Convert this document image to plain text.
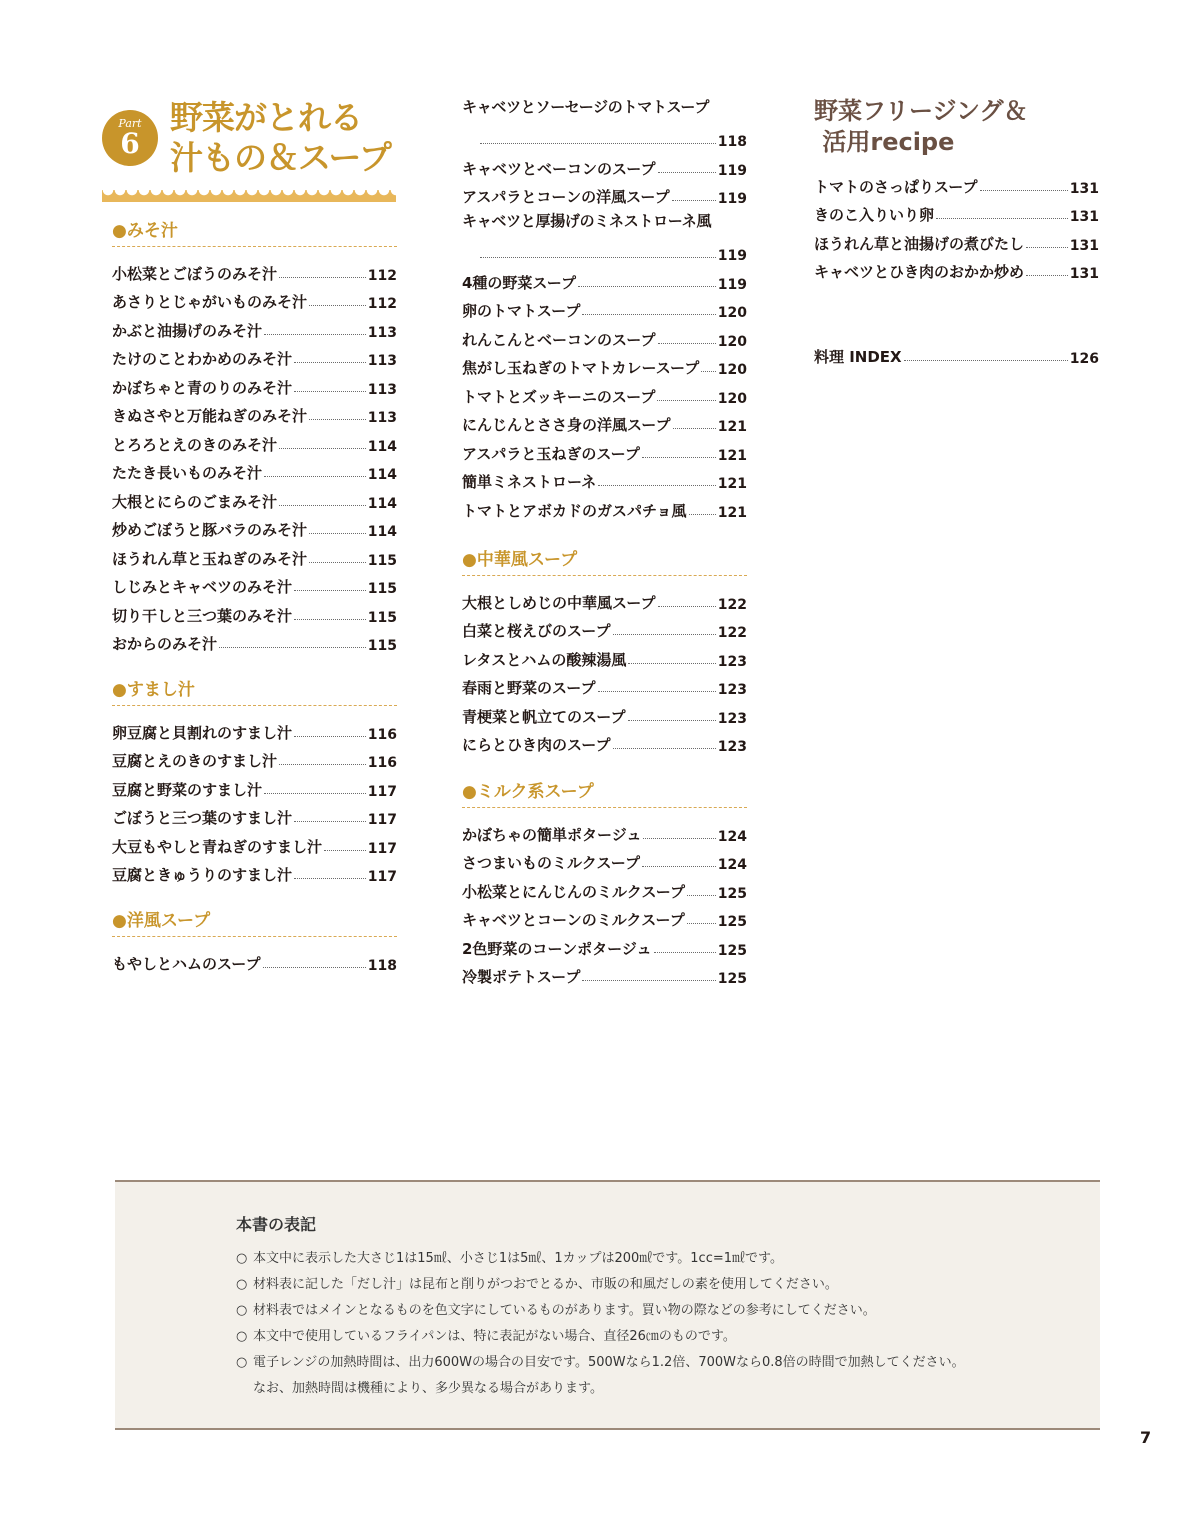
Part
6
野菜がとれる
汁もの＆スープ
●みそ汁
小松菜とごぼうのみそ汁	112
あさりとじゃがいものみそ汁	112
かぶと油揚げのみそ汁	113
たけのことわかめのみそ汁	113
かぼちゃと青のりのみそ汁	113
きぬさやと万能ねぎのみそ汁	113
とろろとえのきのみそ汁	114
たたき長いものみそ汁	114
大根とにらのごまみそ汁	114
炒めごぼうと豚バラのみそ汁	114
ほうれん草と玉ねぎのみそ汁	115
しじみとキャベツのみそ汁	115
切り干しと三つ葉のみそ汁	115
おからのみそ汁	115
●すまし汁
卵豆腐と貝割れのすまし汁	116
豆腐とえのきのすまし汁	116
豆腐と野菜のすまし汁	117
ごぼうと三つ葉のすまし汁	117
大豆もやしと青ねぎのすまし汁	117
豆腐ときゅうりのすまし汁	117
●洋風スープ
もやしとハムのスープ	118
キャベツとソーセージのトマトスープ
118
キャベツとベーコンのスープ	119
アスパラとコーンの洋風スープ	119
キャベツと厚揚げのミネストローネ風
119
4種の野菜スープ	119
卵のトマトスープ	120
れんこんとベーコンのスープ	120
焦がし玉ねぎのトマトカレースープ 120
トマトとズッキーニのスープ	120
にんじんとささ身の洋風スープ	121
アスパラと玉ねぎのスープ	121
簡単ミネストローネ	121
トマトとアボカドのガスパチョ風 121
●中華風スープ
大根としめじの中華風スープ	122
白菜と桜えびのスープ	122
レタスとハムの酸辣湯風	123
春雨と野菜のスープ	123
青梗菜と帆立てのスープ	123
にらとひき肉のスープ	123
●ミルク系スープ
かぼちゃの簡単ポタージュ	124
さつまいものミルクスープ	124
小松菜とにんじんのミルクスープ 125
キャベツとコーンのミルクスープ 125
2色野菜のコーンポタージュ	125
冷製ポテトスープ	125
野菜フリージング＆
活用recipe
トマトのさっぱりスープ	131
きのこ入りいり卵	131
ほうれん草と油揚げの煮びたし	131
キャベツとひき肉のおかか炒め	131
料理 INDEX	126
本書の表記
○ 本文中に表示した大さじ1は15㎖、小さじ1は5㎖、1カップは200㎖です。1cc=1㎖です。
○ 材料表に記した「だし汁」は昆布と削りがつおでとるか、市販の和風だしの素を使用してください。
○ 材料表ではメインとなるものを色文字にしているものがあります。買い物の際などの参考にしてください。
○ 本文中で使用しているフライパンは、特に表記がない場合、直径26㎝のものです。
○ 電子レンジの加熱時間は、出力600Wの場合の目安です。500Wなら1.2倍、700Wなら0.8倍の時間で加熱してください。
なお、加熱時間は機種により、多少異なる場合があります。
7
